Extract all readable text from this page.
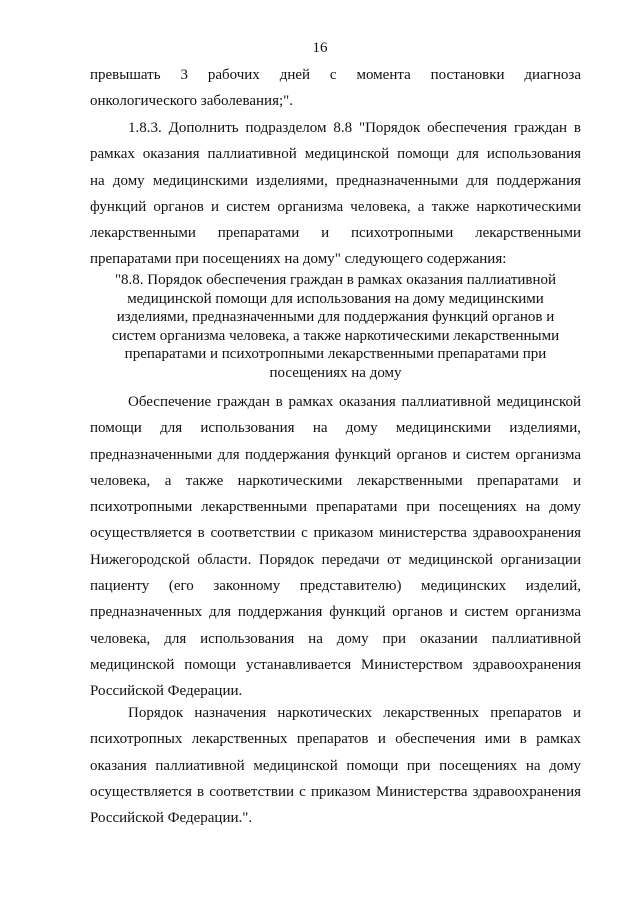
16
превышать 3 рабочих дней с момента постановки диагноза
онкологического заболевания;".
1.8.3. Дополнить подразделом 8.8 "Порядок обеспечения граждан в
рамках оказания паллиативной медицинской помощи для использования
на дому медицинскими изделиями, предназначенными для поддержания
функций органов и систем организма человека, а также наркотическими
лекарственными препаратами и психотропными лекарственными
препаратами при посещениях на дому" следующего содержания:
"8.8. Порядок обеспечения граждан в рамках оказания паллиативной
медицинской помощи для использования на дому медицинскими
изделиями, предназначенными для поддержания функций органов и
систем организма человека, а также наркотическими лекарственными
препаратами и психотропными лекарственными препаратами при
посещениях на дому
Обеспечение граждан в рамках оказания паллиативной медицинской
помощи для использования на дому медицинскими изделиями,
предназначенными для поддержания функций органов и систем организма
человека, а также наркотическими лекарственными препаратами и
психотропными лекарственными препаратами при посещениях на дому
осуществляется в соответствии с приказом министерства здравоохранения
Нижегородской области. Порядок передачи от медицинской организации
пациенту (его законному представителю) медицинских изделий,
предназначенных для поддержания функций органов и систем организма
человека, для использования на дому при оказании паллиативной
медицинской помощи устанавливается Министерством здравоохранения
Российской Федерации.
Порядок назначения наркотических лекарственных препаратов и
психотропных лекарственных препаратов и обеспечения ими в рамках
оказания паллиативной медицинской помощи при посещениях на дому
осуществляется в соответствии с приказом Министерства здравоохранения
Российской Федерации.".
